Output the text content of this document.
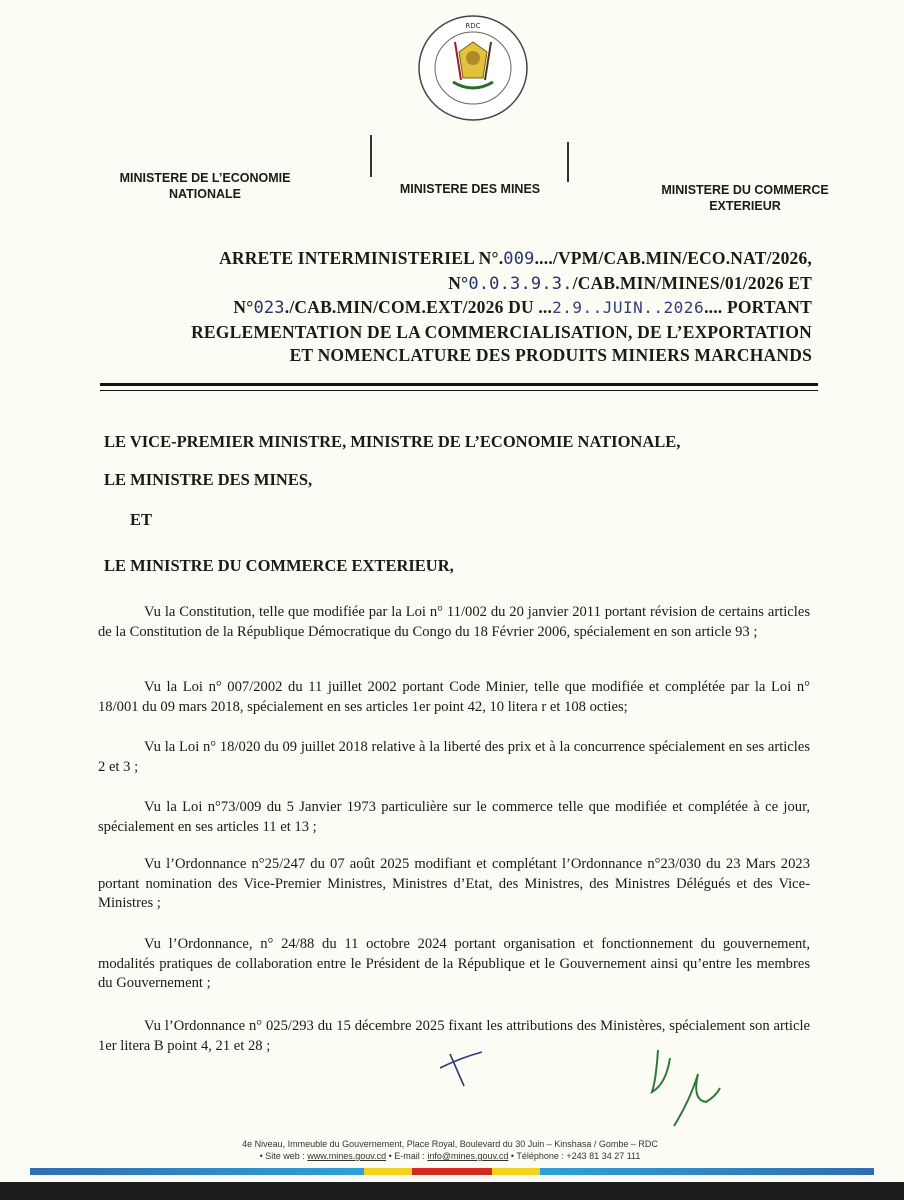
RDC
MINISTERE DE L’ECONOMIE NATIONALE	MINISTERE DES MINES	MINISTERE DU COMMERCE EXTERIEUR
ARRETE INTERMINISTERIEL N°.009..../VPM/CAB.MIN/ECO.NAT/2026,
N°0.0.3.9.3./CAB.MIN/MINES/01/2026 ET
N°023./CAB.MIN/COM.EXT/2026 DU ...2.9..JUIN..2026.... PORTANT
REGLEMENTATION DE LA COMMERCIALISATION, DE L’EXPORTATION
ET NOMENCLATURE DES PRODUITS MINIERS MARCHANDS
LE VICE-PREMIER MINISTRE, MINISTRE DE L’ECONOMIE NATIONALE,
LE MINISTRE DES MINES,
ET
LE MINISTRE DU COMMERCE EXTERIEUR,
Vu la Constitution, telle que modifiée par la Loi n° 11/002 du 20 janvier 2011 portant révision de certains articles de la Constitution de la République Démocratique du Congo du 18 Février 2006, spécialement en son article 93 ;
Vu la Loi n° 007/2002 du 11 juillet 2002 portant Code Minier, telle que modifiée et complétée par la Loi n° 18/001 du 09 mars 2018, spécialement en ses articles 1er point 42, 10 litera r et 108 octies;
Vu la Loi n° 18/020 du 09 juillet 2018 relative à la liberté des prix et à la concurrence spécialement en ses articles 2 et 3 ;
Vu la Loi n°73/009 du 5 Janvier 1973 particulière sur le commerce telle que modifiée et complétée à ce jour, spécialement en ses articles 11 et 13 ;
Vu l’Ordonnance n°25/247 du 07 août 2025 modifiant et complétant l’Ordonnance n°23/030 du 23 Mars 2023 portant nomination des Vice-Premier Ministres, Ministres d’Etat, des Ministres, des Ministres Délégués et des Vice-Ministres ;
Vu l’Ordonnance, n° 24/88 du 11 octobre 2024 portant organisation et fonctionnement du gouvernement, modalités pratiques de collaboration entre le Président de la République et le Gouvernement ainsi qu’entre les membres du Gouvernement ;
Vu l’Ordonnance n° 025/293 du 15 décembre 2025 fixant les attributions des Ministères, spécialement son article 1er litera B point 4, 21 et 28 ;
4e Niveau, Immeuble du Gouvernement, Place Royal, Boulevard du 30 Juin – Kinshasa / Gombe – RDC
• Site web : www.mines.gouv.cd • E-mail : info@mines.gouv.cd • Téléphone : +243 81 34 27 111
